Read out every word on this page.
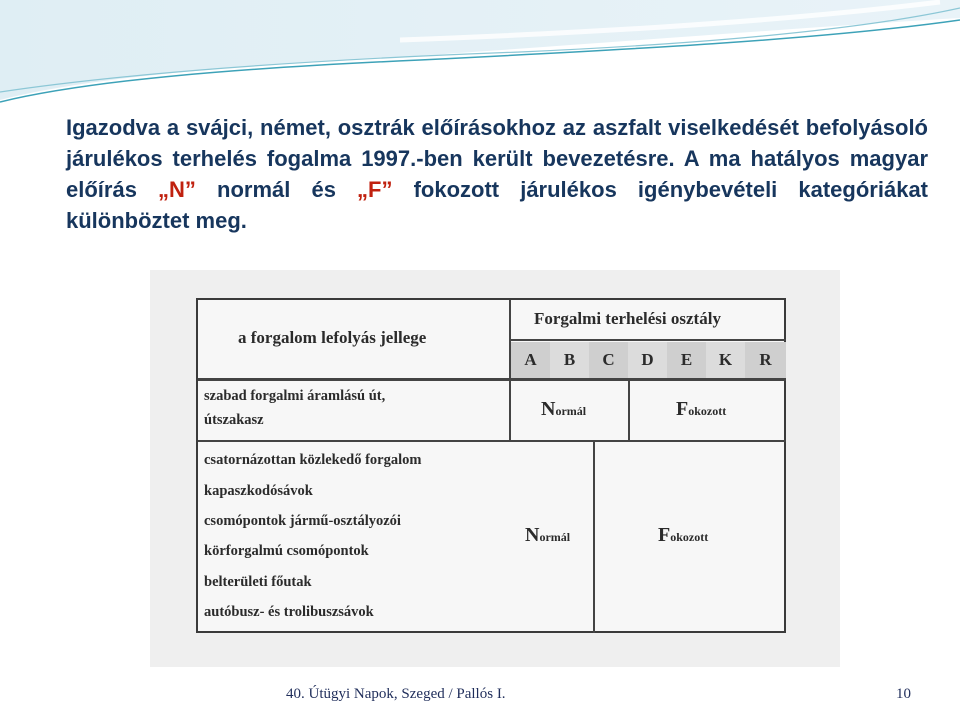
Igazodva a svájci, német, osztrák előírásokhoz az aszfalt viselkedését befolyásoló járulékos terhelés fogalma 1997.-ben került bevezetésre. A ma hatályos magyar előírás „N” normál és „F” fokozott járulékos igénybevételi kategóriákat különböztet meg.

a forgalom lefolyás jellege
Forgalmi terhelési osztály
A	B	C	D	E	K	R
szabad forgalmi áramlású út,
útszakasz	Normál	Fokozott
csatornázottan közlekedő forgalom
kapaszkodósávok
csomópontok jármű-osztályozói
körforgalmú csomópontok
belterületi főutak
autóbusz- és trolibuszsávok
Normál	Fokozott
40. Útügyi Napok, Szeged / Pallós I.	10
